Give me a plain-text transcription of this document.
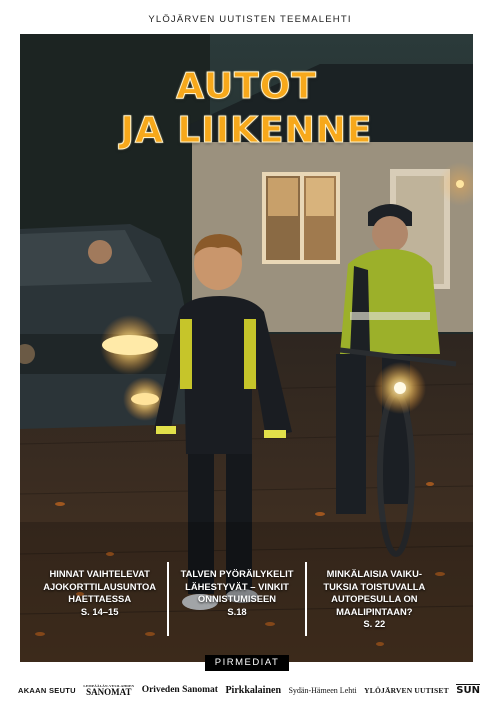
YLÖJÄRVEN UUTISTEN TEEMALEHTI
AUTOT
JA LIIKENNE
HINNAT VAIHTELEVAT
AJOKORTTILAUSUNTOA
HAETTAESSA
S. 14–15
TALVEN PYÖRÄILYKELIT
LÄHESTYVÄT – VINKIT
ONNISTUMISEEN
S.18
MINKÄLAISIA VAIKU-
TUKSIA TOISTUVALLA
AUTOPESULLA ON
MAALIPINTAAN?
S. 22
PIRMEDIAT
AKAAN SEUTU LEMPÄÄLÄN-VESILAHDEN
SANOMAT Oriveden Sanomat Pirkkalainen Sydän-Hämeen Lehti YLÖJÄRVEN UUTISET SUN
